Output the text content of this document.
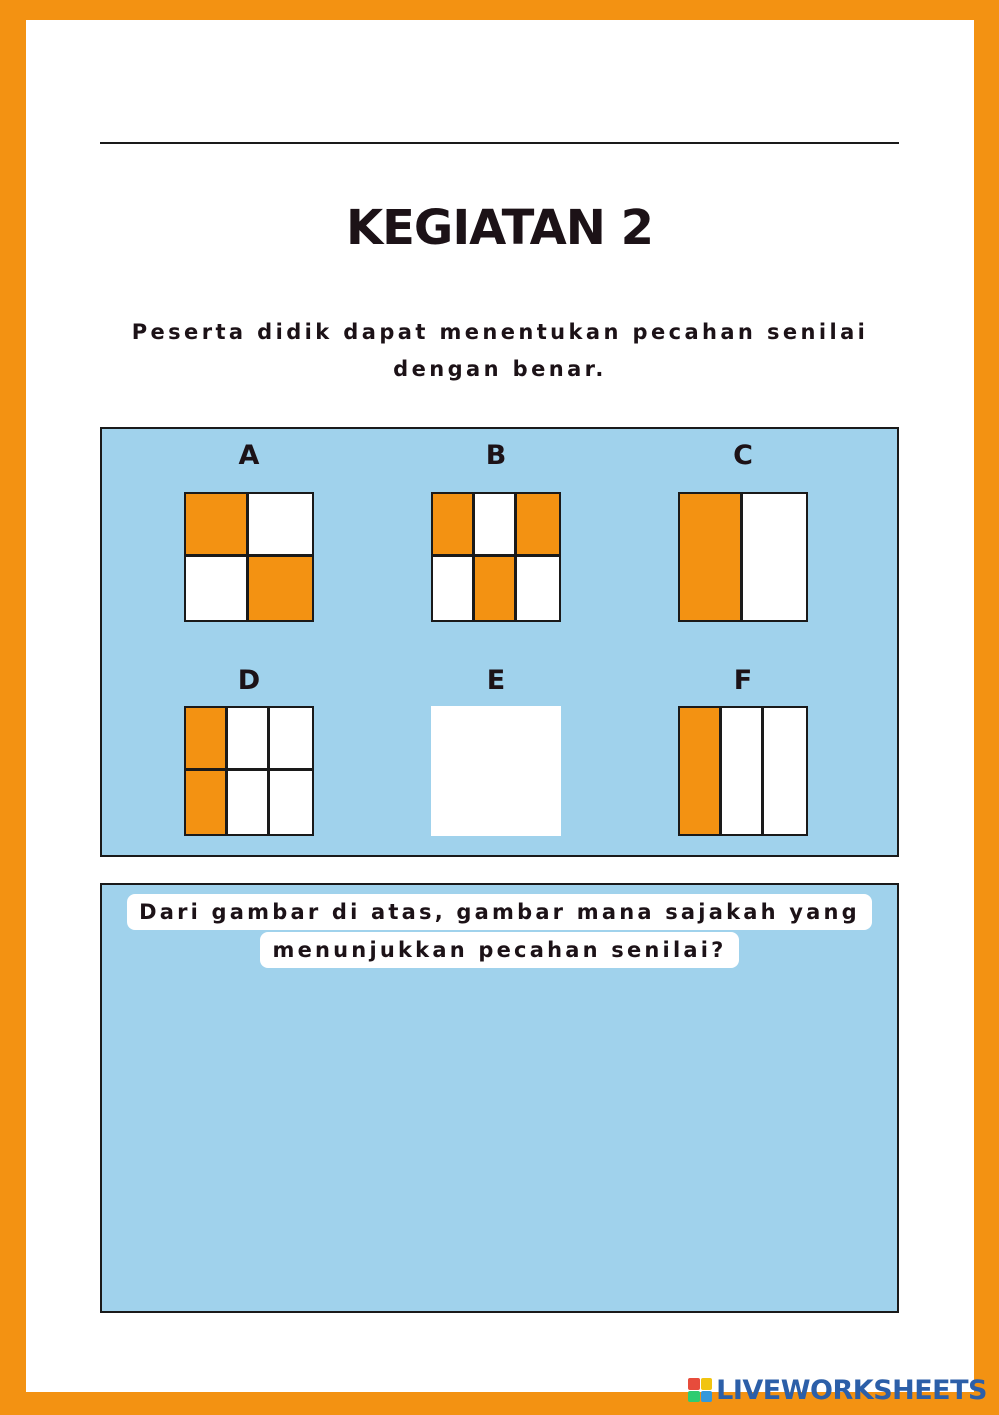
KEGIATAN 2
Peserta didik dapat menentukan pecahan senilai dengan benar.
A	B	C
D	E	F
Dari gambar di atas, gambar mana sajakah yang
menunjukkan pecahan senilai?
LIVEWORKSHEETS
